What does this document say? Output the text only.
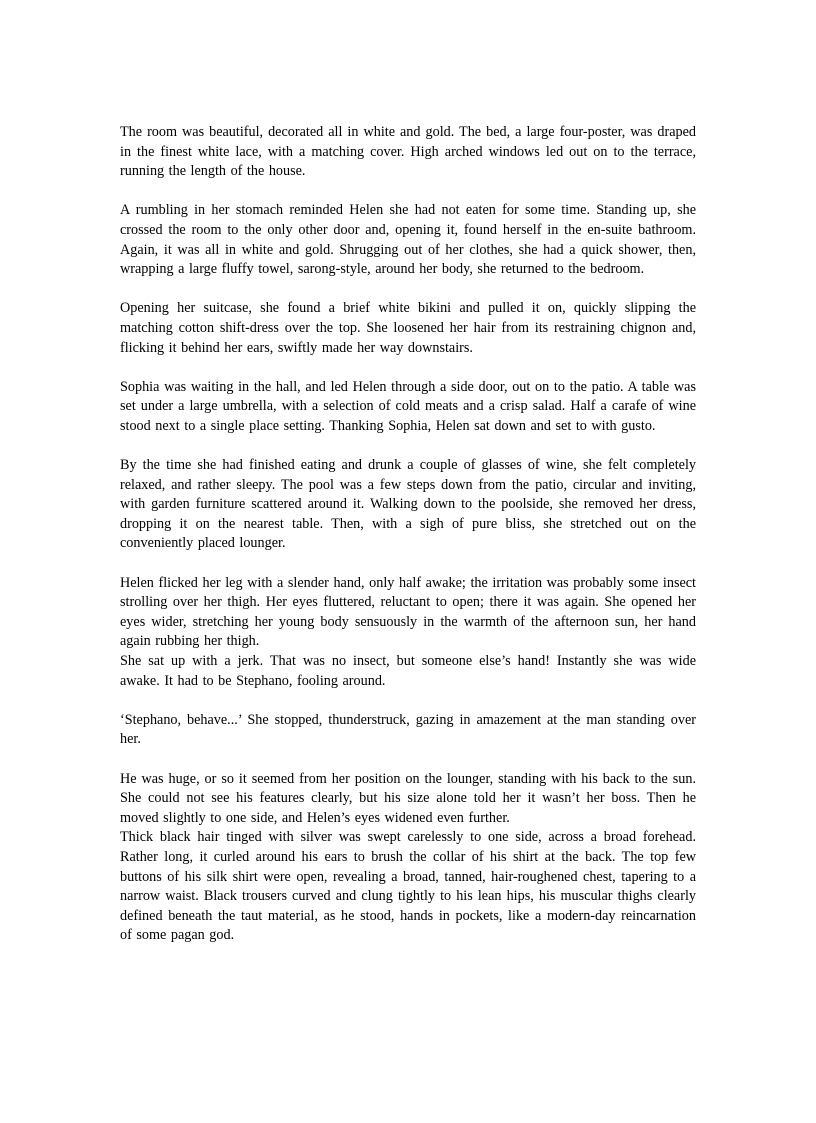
The room was beautiful, decorated all in white and gold. The bed, a large four-poster, was draped in the finest white lace, with a matching cover. High arched windows led out on to the terrace, running the length of the house.

A rumbling in her stomach reminded Helen she had not eaten for some time. Standing up, she crossed the room to the only other door and, opening it, found herself in the en-suite bathroom. Again, it was all in white and gold. Shrugging out of her clothes, she had a quick shower, then, wrapping a large fluffy towel, sarong-style, around her body, she returned to the bedroom.

Opening her suitcase, she found a brief white bikini and pulled it on, quickly slipping the matching cotton shift-dress over the top. She loosened her hair from its restraining chignon and, flicking it behind her ears, swiftly made her way downstairs.

Sophia was waiting in the hall, and led Helen through a side door, out on to the patio. A table was set under a large umbrella, with a selection of cold meats and a crisp salad. Half a carafe of wine stood next to a single place setting. Thanking Sophia, Helen sat down and set to with gusto.

By the time she had finished eating and drunk a couple of glasses of wine, she felt completely relaxed, and rather sleepy. The pool was a few steps down from the patio, circular and inviting, with garden furniture scattered around it. Walking down to the poolside, she removed her dress, dropping it on the nearest table. Then, with a sigh of pure bliss, she stretched out on the conveniently placed lounger.

Helen flicked her leg with a slender hand, only half awake; the irritation was probably some insect strolling over her thigh. Her eyes fluttered, reluctant to open; there it was again. She opened her eyes wider, stretching her young body sensuously in the warmth of the afternoon sun, her hand again rubbing her thigh.

She sat up with a jerk. That was no insect, but someone else’s hand! Instantly she was wide awake. It had to be Stephano, fooling around.

‘Stephano, behave...’ She stopped, thunderstruck, gazing in amazement at the man standing over her.

He was huge, or so it seemed from her position on the lounger, standing with his back to the sun. She could not see his features clearly, but his size alone told her it wasn’t her boss. Then he moved slightly to one side, and Helen’s eyes widened even further.

Thick black hair tinged with silver was swept carelessly to one side, across a broad forehead. Rather long, it curled around his ears to brush the collar of his shirt at the back. The top few buttons of his silk shirt were open, revealing a broad, tanned, hair-roughened chest, tapering to a narrow waist. Black trousers curved and clung tightly to his lean hips, his muscular thighs clearly defined beneath the taut material, as he stood, hands in pockets, like a modern-day reincarnation of some pagan god.
